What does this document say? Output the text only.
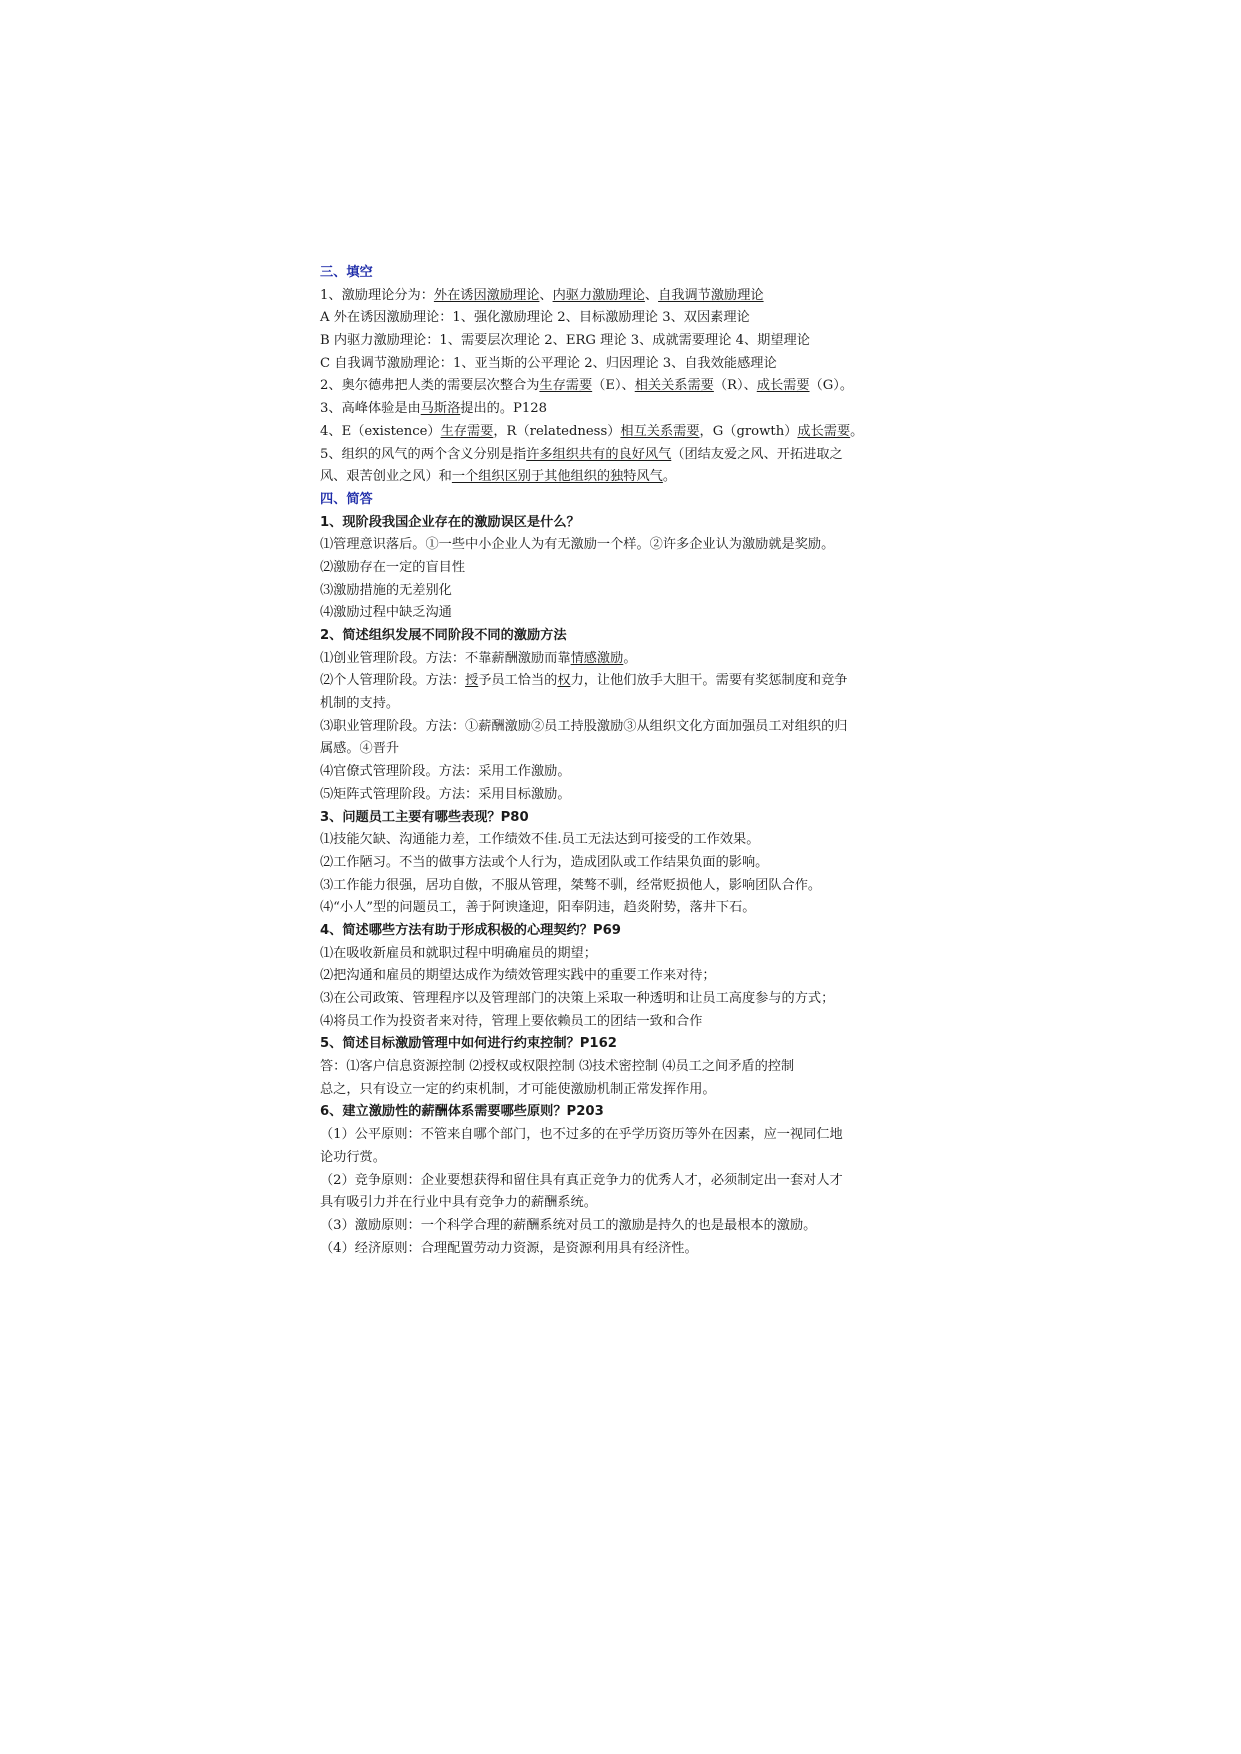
三、填空
1、激励理论分为：外在诱因激励理论、内驱力激励理论、自我调节激励理论
A 外在诱因激励理论：1、强化激励理论 2、目标激励理论 3、双因素理论
B 内驱力激励理论：1、需要层次理论 2、ERG 理论 3、成就需要理论 4、期望理论
C 自我调节激励理论：1、亚当斯的公平理论 2、归因理论 3、自我效能感理论
2、奥尔德弗把人类的需要层次整合为生存需要（E）、相关关系需要（R）、成长需要（G）。
3、高峰体验是由马斯洛提出的。P128
4、E（existence）生存需要，R（relatedness）相互关系需要，G（growth）成长需要。
5、组织的风气的两个含义分别是指许多组织共有的良好风气（团结友爱之风、开拓进取之
风、艰苦创业之风）和一个组织区别于其他组织的独特风气。
四、简答
1、现阶段我国企业存在的激励误区是什么？
⑴管理意识落后。①一些中小企业人为有无激励一个样。②许多企业认为激励就是奖励。
⑵激励存在一定的盲目性
⑶激励措施的无差别化
⑷激励过程中缺乏沟通
2、简述组织发展不同阶段不同的激励方法
⑴创业管理阶段。方法：不靠薪酬激励而靠情感激励。
⑵个人管理阶段。方法：授予员工恰当的权力，让他们放手大胆干。需要有奖惩制度和竞争
机制的支持。
⑶职业管理阶段。方法：①薪酬激励②员工持股激励③从组织文化方面加强员工对组织的归
属感。④晋升
⑷官僚式管理阶段。方法：采用工作激励。
⑸矩阵式管理阶段。方法：采用目标激励。
3、问题员工主要有哪些表现？P80
⑴技能欠缺、沟通能力差，工作绩效不佳.员工无法达到可接受的工作效果。
⑵工作陋习。不当的做事方法或个人行为，造成团队或工作结果负面的影响。
⑶工作能力很强，居功自傲，不服从管理，桀骜不驯，经常贬损他人，影响团队合作。
⑷“小人”型的问题员工，善于阿谀逢迎，阳奉阴违，趋炎附势，落井下石。
4、简述哪些方法有助于形成积极的心理契约？P69
⑴在吸收新雇员和就职过程中明确雇员的期望；
⑵把沟通和雇员的期望达成作为绩效管理实践中的重要工作来对待；
⑶在公司政策、管理程序以及管理部门的决策上采取一种透明和让员工高度参与的方式；
⑷将员工作为投资者来对待，管理上要依赖员工的团结一致和合作
5、简述目标激励管理中如何进行约束控制？P162
答：⑴客户信息资源控制 ⑵授权或权限控制 ⑶技术密控制 ⑷员工之间矛盾的控制
总之，只有设立一定的约束机制，才可能使激励机制正常发挥作用。
6、建立激励性的薪酬体系需要哪些原则？P203
（1）公平原则：不管来自哪个部门，也不过多的在乎学历资历等外在因素，应一视同仁地
论功行赏。
（2）竞争原则：企业要想获得和留住具有真正竞争力的优秀人才，必须制定出一套对人才
具有吸引力并在行业中具有竞争力的薪酬系统。
（3）激励原则：一个科学合理的薪酬系统对员工的激励是持久的也是最根本的激励。
（4）经济原则：合理配置劳动力资源，是资源利用具有经济性。
